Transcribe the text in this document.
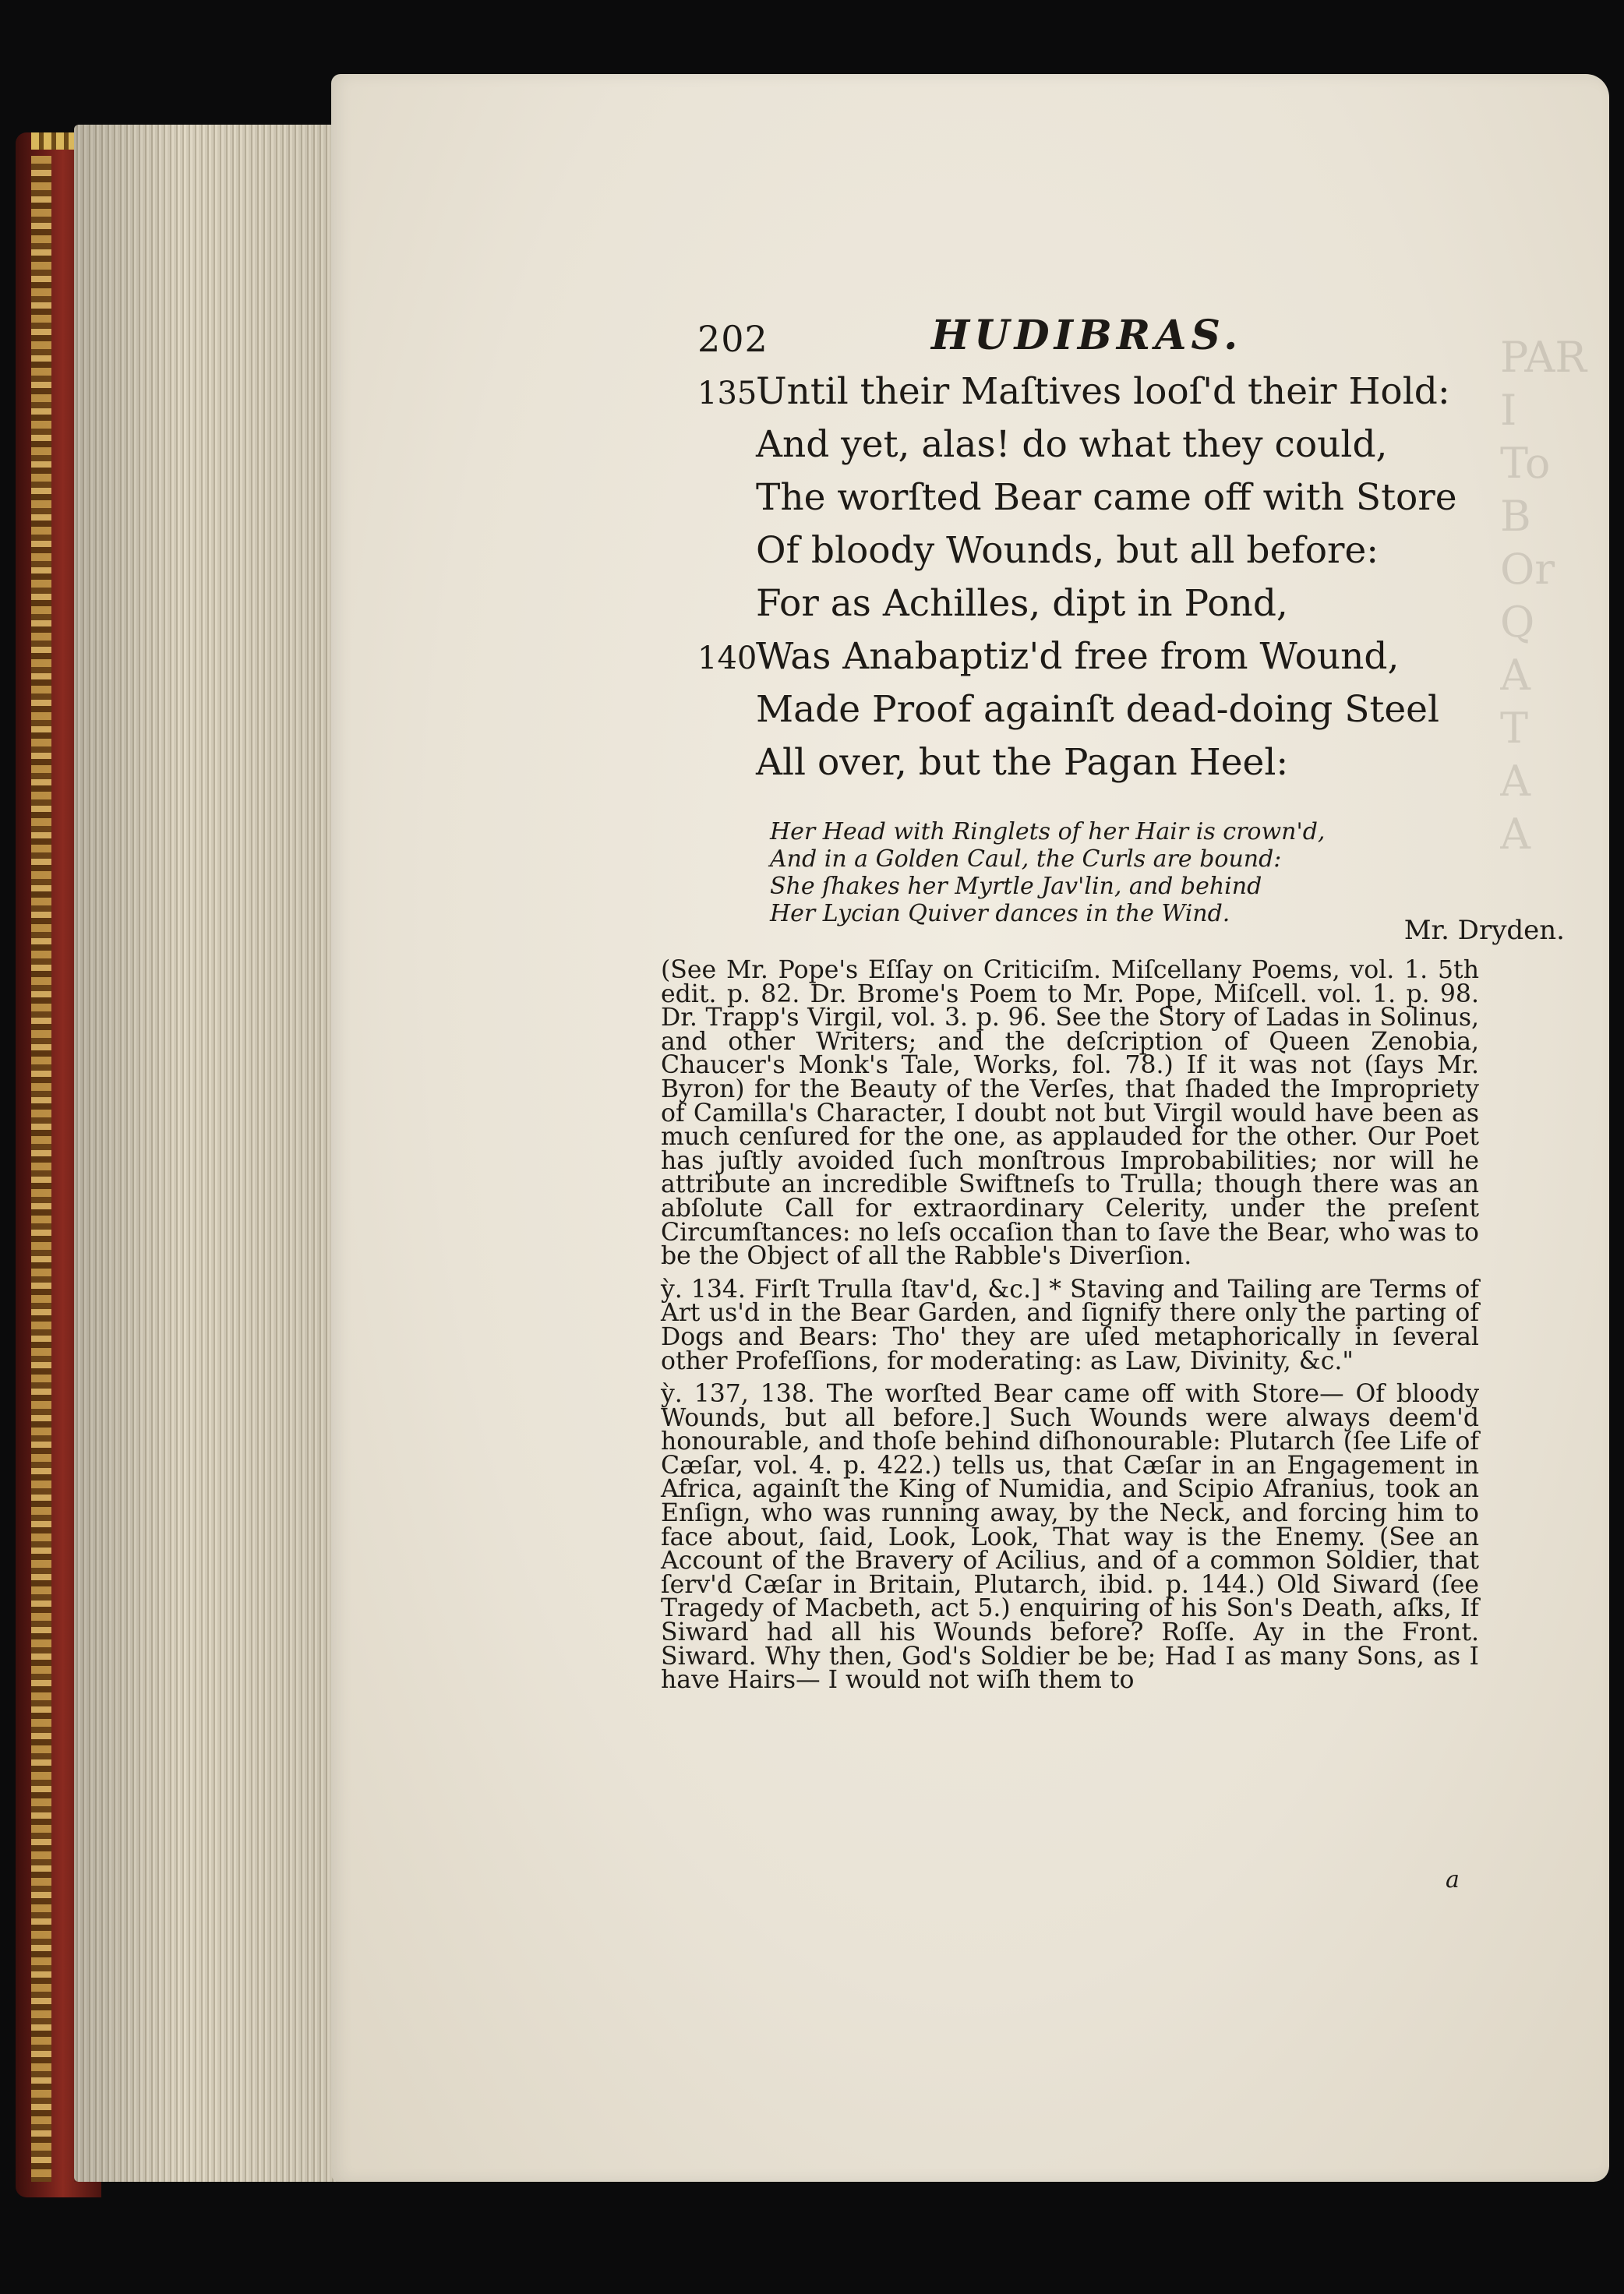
PAR
I
To
B
Or
Q
A
T
A
A
202	HUDIBRAS.
135
Until their Maſtives looſ'd their Hold:
And yet, alas! do what they could,
The worſted Bear came off with Store
Of bloody Wounds, but all before:
For as Achilles, dipt in Pond,
140
Was Anabaptiz'd free from Wound,
Made Proof againſt dead-doing Steel
All over, but the Pagan Heel:
Her Head with Ringlets of her Hair is crown'd,
And in a Golden Caul, the Curls are bound:
She ſhakes her Myrtle Jav'lin, and behind
Her Lycian Quiver dances in the Wind.
Mr. Dryden.

(See Mr. Pope's Eſſay on Criticiſm. Miſcellany Poems, vol. 1. 5th edit. p. 82. Dr. Brome's Poem to Mr. Pope, Miſcell. vol. 1. p. 98. Dr. Trapp's Virgil, vol. 3. p. 96. See the Story of Ladas in Solinus, and other Writers; and the deſcription of Queen Zenobia, Chaucer's Monk's Tale, Works, fol. 78.) If it was not (ſays Mr. Byron) for the Beauty of the Verſes, that ſhaded the Impropriety of Camilla's Character, I doubt not but Virgil would have been as much cenſured for the one, as applauded for the other. Our Poet has juſtly avoided ſuch monſtrous Improbabilities; nor will he attribute an incredible Swiftneſs to Trulla; though there was an abſolute Call for extraordinary Celerity, under the preſent Circumſtances: no leſs occaſion than to ſave the Bear, who was to be the Object of all the Rabble's Diverſion.

ỳ. 134. Firſt Trulla ſtav'd, &c.] * Staving and Tailing are Terms of Art us'd in the Bear Garden, and ſignify there only the parting of Dogs and Bears: Tho' they are uſed metaphorically in ſeveral other Profeſſions, for moderating: as Law, Divinity, &c."

ỳ. 137, 138. The worſted Bear came off with Store— Of bloody Wounds, but all before.] Such Wounds were always deem'd honourable, and thoſe behind diſhonourable: Plutarch (ſee Life of Cæſar, vol. 4. p. 422.) tells us, that Cæſar in an Engagement in Africa, againſt the King of Numidia, and Scipio Afranius, took an Enſign, who was running away, by the Neck, and forcing him to face about, ſaid, Look, Look, That way is the Enemy. (See an Account of the Bravery of Acilius, and of a common Soldier, that ſerv'd Cæſar in Britain, Plutarch, ibid. p. 144.) Old Siward (ſee Tragedy of Macbeth, act 5.) enquiring of his Son's Death, aſks, If Siward had all his Wounds before? Roſſe. Ay in the Front. Siward. Why then, God's Soldier be be; Had I as many Sons, as I have Hairs— I would not wiſh them to

a
